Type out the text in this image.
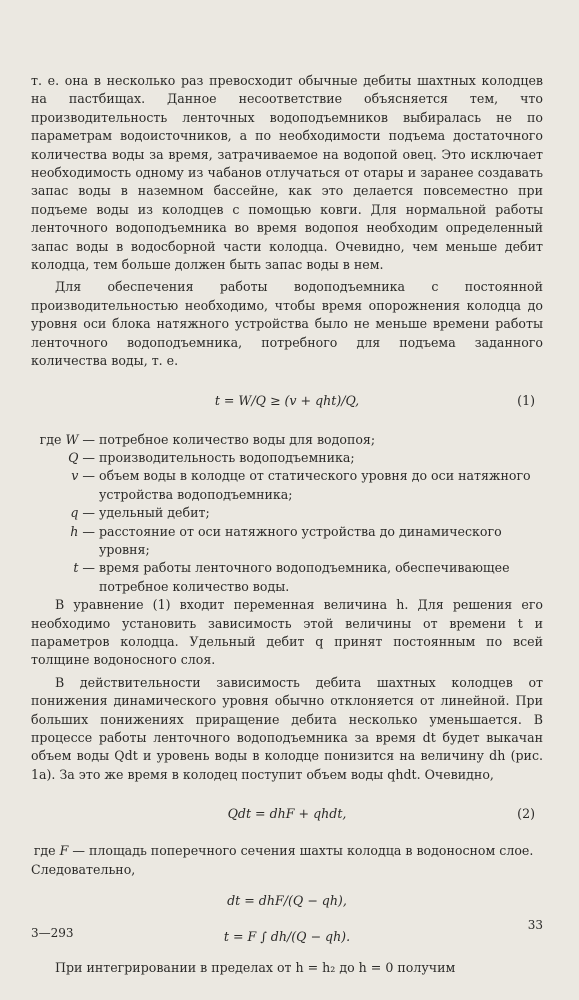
т. е. она в несколько раз превосходит обычные дебиты шахтных колодцев на пастбищах. Данное несоответствие объясняется тем, что производительность ленточных водоподъемников выбиралась не по параметрам водоисточников, а по необходимости подъема достаточного количества воды за время, затрачиваемое на водопой овец. Это исключает необходимость одному из чабанов отлучаться от отары и заранее создавать запас воды в наземном бассейне, как это делается повсеместно при подъеме воды из колодцев с помощью ковги. Для нормальной работы ленточного водоподъемника во время водопоя необходим определенный запас воды в водосборной части колодца. Очевидно, чем меньше дебит колодца, тем больше должен быть запас воды в нем.

Для обеспечения работы водоподъемника с постоянной производительностью необходимо, чтобы время опорожнения колодца до уровня оси блока натяжного устройства было не меньше времени работы ленточного водоподъемника, потребного для подъема заданного количества воды, т. е.

t = W/Q ≥ (v + qht)/Q,	(1)
где W — потребное количество воды для водопоя;
Q — производительность водоподъемника;
v — объем воды в колодце от статического уровня до оси натяжного устройства водоподъемника;
q — удельный дебит;
h — расстояние от оси натяжного устройства до динамического уровня;
t — время работы ленточного водоподъемника, обеспечивающее потребное количество воды.

В уравнение (1) входит переменная величина h. Для решения его необходимо установить зависимость этой величины от времени t и параметров колодца. Удельный дебит q принят постоянным по всей толщине водоносного слоя.

В действительности зависимость дебита шахтных колодцев от понижения динамического уровня обычно отклоняется от линейной. При больших понижениях приращение дебита несколько уменьшается. В процессе работы ленточного водоподъемника за время dt будет выкачан объем воды Qdt и уровень воды в колодце понизится на величину dh (рис. 1а). За это же время в колодец поступит объем воды qhdt. Очевидно,

Qdt = dhF + qhdt,	(2)
где F — площадь поперечного сечения шахты колодца в водоносном слое.

Следовательно,

dt = dhF/(Q − qh),
t = F ∫ dh/(Q − qh).

При интегрировании в пределах от h = h₂ до h = 0 получим

3—293
33
